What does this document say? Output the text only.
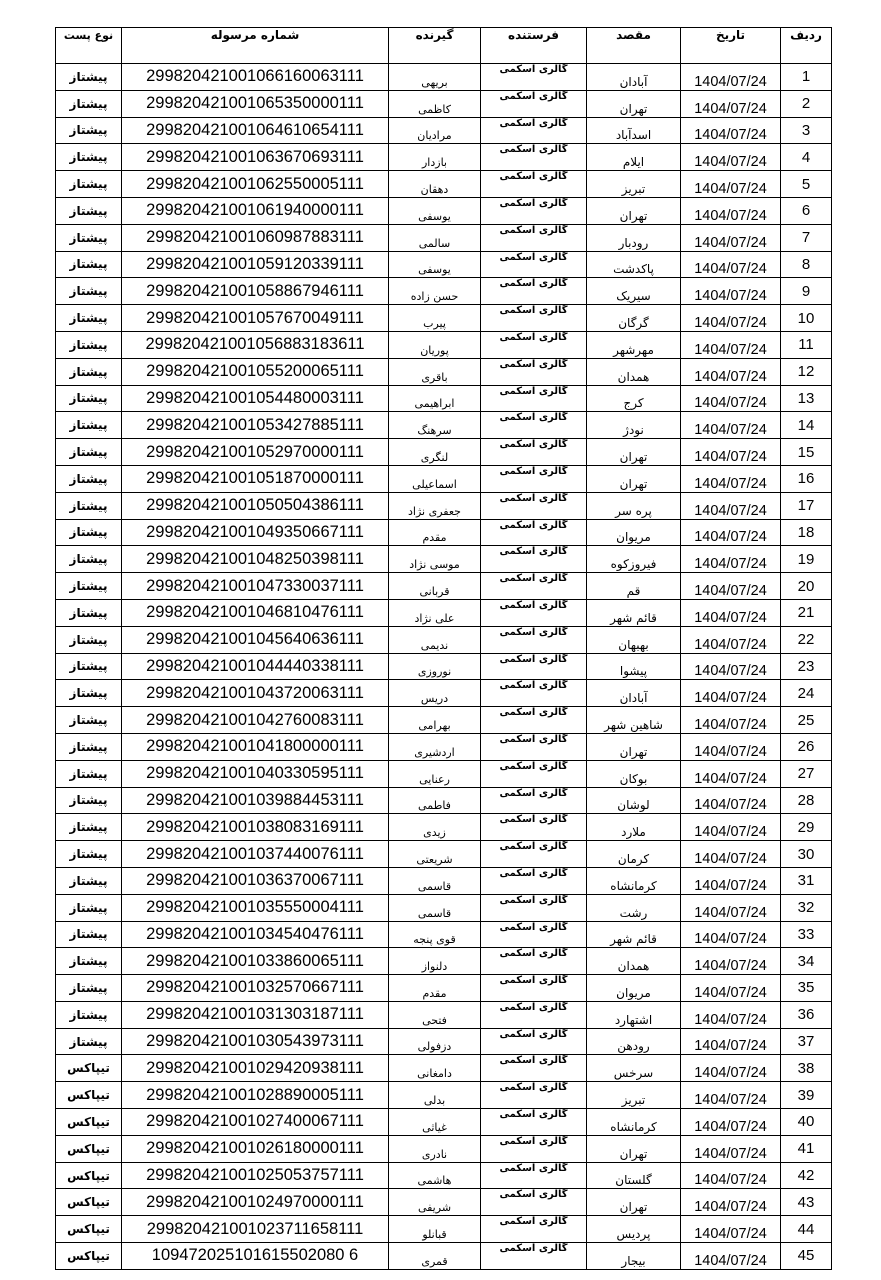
نوع پست	شماره مرسوله	گیرنده	فرستنده	مقصد	تاریخ	ردیف
پیشتاز	299820421001066160063111	بریهی	گالری اسکمی	آبادان	1404/07/24	1
پیشتاز	299820421001065350000111	کاظمی	گالری اسکمی	تهران	1404/07/24	2
پیشتاز	299820421001064610654111	مرادیان	گالری اسکمی	اسدآباد	1404/07/24	3
پیشتاز	299820421001063670693111	بازدار	گالری اسکمی	ایلام	1404/07/24	4
پیشتاز	299820421001062550005111	دهقان	گالری اسکمی	تبریز	1404/07/24	5
پیشتاز	299820421001061940000111	یوسفی	گالری اسکمی	تهران	1404/07/24	6
پیشتاز	299820421001060987883111	سالمی	گالری اسکمی	رودبار	1404/07/24	7
پیشتاز	299820421001059120339111	یوسفی	گالری اسکمی	پاکدشت	1404/07/24	8
پیشتاز	299820421001058867946111	حسن زاده	گالری اسکمی	سیریک	1404/07/24	9
پیشتاز	299820421001057670049111	پیرب	گالری اسکمی	گرگان	1404/07/24	10
پیشتاز	299820421001056883183611	پوریان	گالری اسکمی	مهرشهر	1404/07/24	11
پیشتاز	299820421001055200065111	باقری	گالری اسکمی	همدان	1404/07/24	12
پیشتاز	299820421001054480003111	ابراهیمی	گالری اسکمی	کرج	1404/07/24	13
پیشتاز	299820421001053427885111	سرهنگ	گالری اسکمی	نودژ	1404/07/24	14
پیشتاز	299820421001052970000111	لنگری	گالری اسکمی	تهران	1404/07/24	15
پیشتاز	299820421001051870000111	اسماعیلی	گالری اسکمی	تهران	1404/07/24	16
پیشتاز	299820421001050504386111	جعفری نژاد	گالری اسکمی	پره سر	1404/07/24	17
پیشتاز	299820421001049350667111	مقدم	گالری اسکمی	مریوان	1404/07/24	18
پیشتاز	299820421001048250398111	موسی نژاد	گالری اسکمی	فیروزکوه	1404/07/24	19
پیشتاز	299820421001047330037111	قربانی	گالری اسکمی	قم	1404/07/24	20
پیشتاز	299820421001046810476111	علی نژاد	گالری اسکمی	قائم شهر	1404/07/24	21
پیشتاز	299820421001045640636111	ندیمی	گالری اسکمی	بهبهان	1404/07/24	22
پیشتاز	299820421001044440338111	نوروزی	گالری اسکمی	پیشوا	1404/07/24	23
پیشتاز	299820421001043720063111	دریس	گالری اسکمی	آبادان	1404/07/24	24
پیشتاز	299820421001042760083111	بهرامی	گالری اسکمی	شاهین شهر	1404/07/24	25
پیشتاز	299820421001041800000111	اردشیری	گالری اسکمی	تهران	1404/07/24	26
پیشتاز	299820421001040330595111	رعنایی	گالری اسکمی	بوکان	1404/07/24	27
پیشتاز	299820421001039884453111	فاطمی	گالری اسکمی	لوشان	1404/07/24	28
پیشتاز	299820421001038083169111	زیدی	گالری اسکمی	ملارد	1404/07/24	29
پیشتاز	299820421001037440076111	شریعتی	گالری اسکمی	کرمان	1404/07/24	30
پیشتاز	299820421001036370067111	قاسمی	گالری اسکمی	کرمانشاه	1404/07/24	31
پیشتاز	299820421001035550004111	قاسمی	گالری اسکمی	رشت	1404/07/24	32
پیشتاز	299820421001034540476111	قوی پنجه	گالری اسکمی	قائم شهر	1404/07/24	33
پیشتاز	299820421001033860065111	دلنواز	گالری اسکمی	همدان	1404/07/24	34
پیشتاز	299820421001032570667111	مقدم	گالری اسکمی	مریوان	1404/07/24	35
پیشتاز	299820421001031303187111	فتحی	گالری اسکمی	اشتهارد	1404/07/24	36
پیشتاز	299820421001030543973111	دزفولی	گالری اسکمی	رودهن	1404/07/24	37
تیپاکس	299820421001029420938111	دامغانی	گالری اسکمی	سرخس	1404/07/24	38
تیپاکس	299820421001028890005111	بدلی	گالری اسکمی	تبریز	1404/07/24	39
تیپاکس	299820421001027400067111	غیاثی	گالری اسکمی	کرمانشاه	1404/07/24	40
تیپاکس	299820421001026180000111	نادری	گالری اسکمی	تهران	1404/07/24	41
تیپاکس	299820421001025053757111	هاشمی	گالری اسکمی	گلستان	1404/07/24	42
تیپاکس	299820421001024970000111	شریفی	گالری اسکمی	تهران	1404/07/24	43
تیپاکس	299820421001023711658111	قبانلو	گالری اسکمی	پردیس	1404/07/24	44
تیپاکس	109472025101615502080 6	قمری	گالری اسکمی	بیجار	1404/07/24	45
